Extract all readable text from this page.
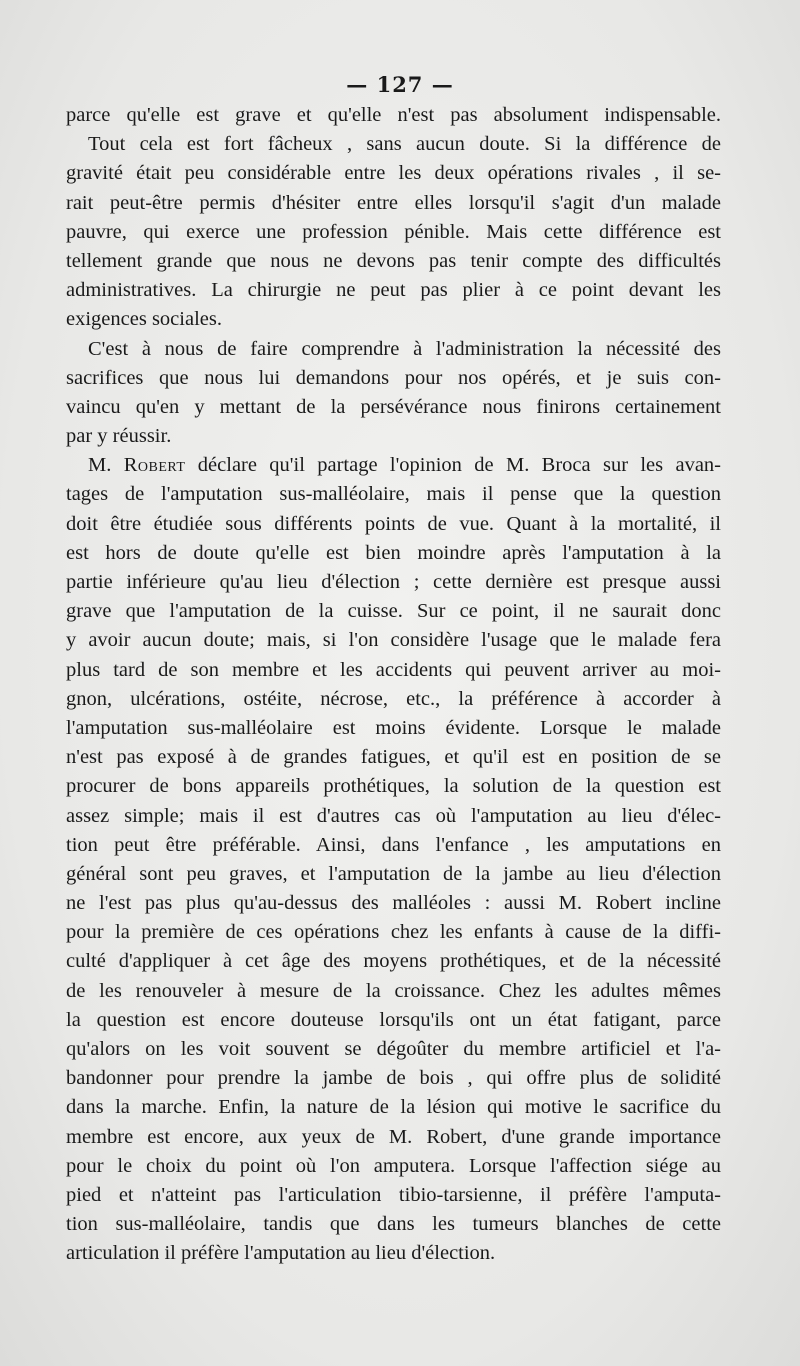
— 127 —
parce qu'elle est grave et qu'elle n'est pas absolument indispensable.
Tout cela est fort fâcheux , sans aucun doute. Si la différence de
gravité était peu considérable entre les deux opérations rivales , il se-
rait peut-être permis d'hésiter entre elles lorsqu'il s'agit d'un malade
pauvre, qui exerce une profession pénible. Mais cette différence est
tellement grande que nous ne devons pas tenir compte des difficultés
administratives. La chirurgie ne peut pas plier à ce point devant les
exigences sociales.
C'est à nous de faire comprendre à l'administration la nécessité des
sacrifices que nous lui demandons pour nos opérés, et je suis con-
vaincu qu'en y mettant de la persévérance nous finirons certainement
par y réussir.
M. Robert déclare qu'il partage l'opinion de M. Broca sur les avan-
tages de l'amputation sus-malléolaire, mais il pense que la question
doit être étudiée sous différents points de vue. Quant à la mortalité, il
est hors de doute qu'elle est bien moindre après l'amputation à la
partie inférieure qu'au lieu d'élection ; cette dernière est presque aussi
grave que l'amputation de la cuisse. Sur ce point, il ne saurait donc
y avoir aucun doute; mais, si l'on considère l'usage que le malade fera
plus tard de son membre et les accidents qui peuvent arriver au moi-
gnon, ulcérations, ostéite, nécrose, etc., la préférence à accorder à
l'amputation sus-malléolaire est moins évidente. Lorsque le malade
n'est pas exposé à de grandes fatigues, et qu'il est en position de se
procurer de bons appareils prothétiques, la solution de la question est
assez simple; mais il est d'autres cas où l'amputation au lieu d'élec-
tion peut être préférable. Ainsi, dans l'enfance , les amputations en
général sont peu graves, et l'amputation de la jambe au lieu d'élection
ne l'est pas plus qu'au-dessus des malléoles : aussi M. Robert incline
pour la première de ces opérations chez les enfants à cause de la diffi-
culté d'appliquer à cet âge des moyens prothétiques, et de la nécessité
de les renouveler à mesure de la croissance. Chez les adultes mêmes
la question est encore douteuse lorsqu'ils ont un état fatigant, parce
qu'alors on les voit souvent se dégoûter du membre artificiel et l'a-
bandonner pour prendre la jambe de bois , qui offre plus de solidité
dans la marche. Enfin, la nature de la lésion qui motive le sacrifice du
membre est encore, aux yeux de M. Robert, d'une grande importance
pour le choix du point où l'on amputera. Lorsque l'affection siége au
pied et n'atteint pas l'articulation tibio-tarsienne, il préfère l'amputa-
tion sus-malléolaire, tandis que dans les tumeurs blanches de cette
articulation il préfère l'amputation au lieu d'élection.
